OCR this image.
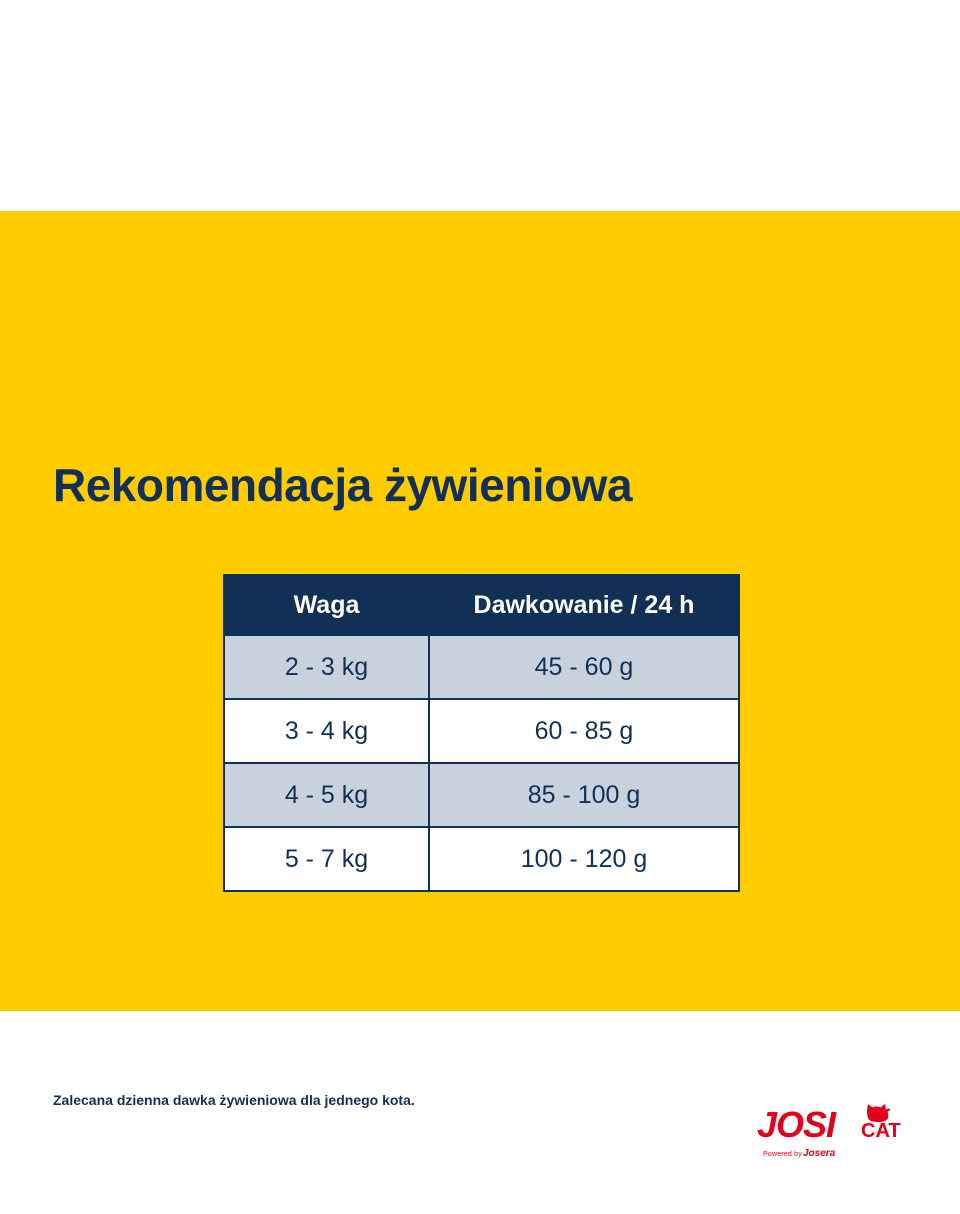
Rekomendacja żywieniowa
Waga	Dawkowanie / 24 h
2 - 3 kg	45 - 60 g
3 - 4 kg	60 - 85 g
4 - 5 kg	85 - 100 g
5 - 7 kg	100 - 120 g
Zalecana dzienna dawka żywieniowa dla jednego kota.
JOSI CAT
Powered by Josera
